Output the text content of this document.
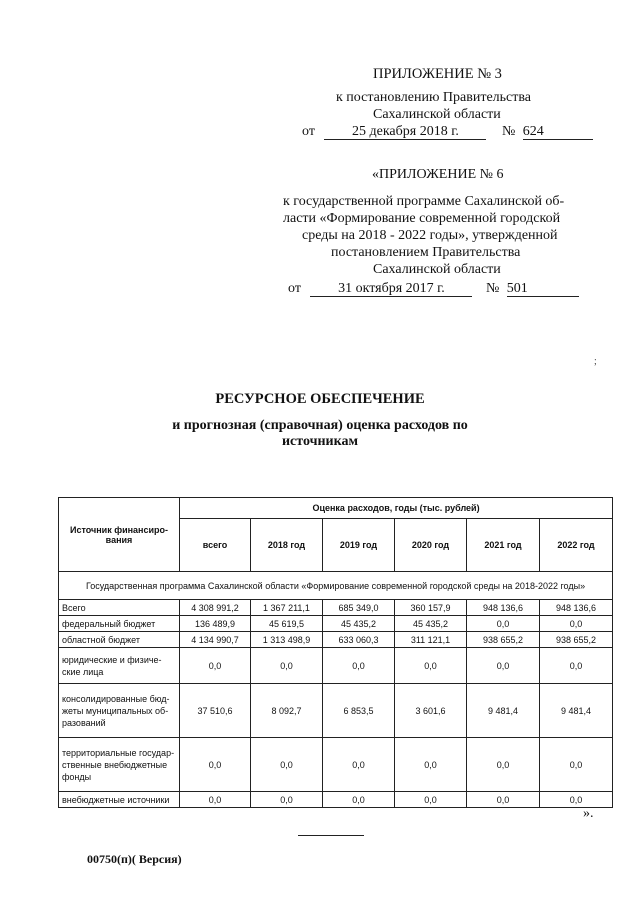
ПРИЛОЖЕНИЕ № 3
к постановлению Правительства
Сахалинской области
от	25 декабря 2018 г.	№ 624
«ПРИЛОЖЕНИЕ № 6
к государственной программе Сахалинской об-
ласти «Формирование современной городской
среды на 2018 - 2022 годы», утвержденной
постановлением Правительства
Сахалинской области
от	31 октября 2017 г.	№ 501
;
РЕСУРСНОЕ ОБЕСПЕЧЕНИЕ
и прогнозная (справочная) оценка расходов по
источникам
Источник финансиро-вания	Оценка расходов, годы (тыс. рублей)					
	всего	2018 год	2019 год	2020 год	2021 год	2022 год
Государственная программа Сахалинской области «Формирование современной городской среды на 2018-2022 годы»						
Всего	4 308 991,2	1 367 211,1	685 349,0	360 157,9	948 136,6	948 136,6
федеральный бюджет	136 489,9	45 619,5	45 435,2	45 435,2	0,0	0,0
областной бюджет	4 134 990,7	1 313 498,9	633 060,3	311 121,1	938 655,2	938 655,2
юридические и физиче-ские лица	0,0	0,0	0,0	0,0	0,0	0,0
консолидированные бюд-жеты муниципальных об-разований	37 510,6	8 092,7	6 853,5	3 601,6	9 481,4	9 481,4
территориальные государ-ственные внебюджетные фонды	0,0	0,0	0,0	0,0	0,0	0,0
внебюджетные источники	0,0	0,0	0,0	0,0	0,0	0,0
».
00750(п)( Версия)
